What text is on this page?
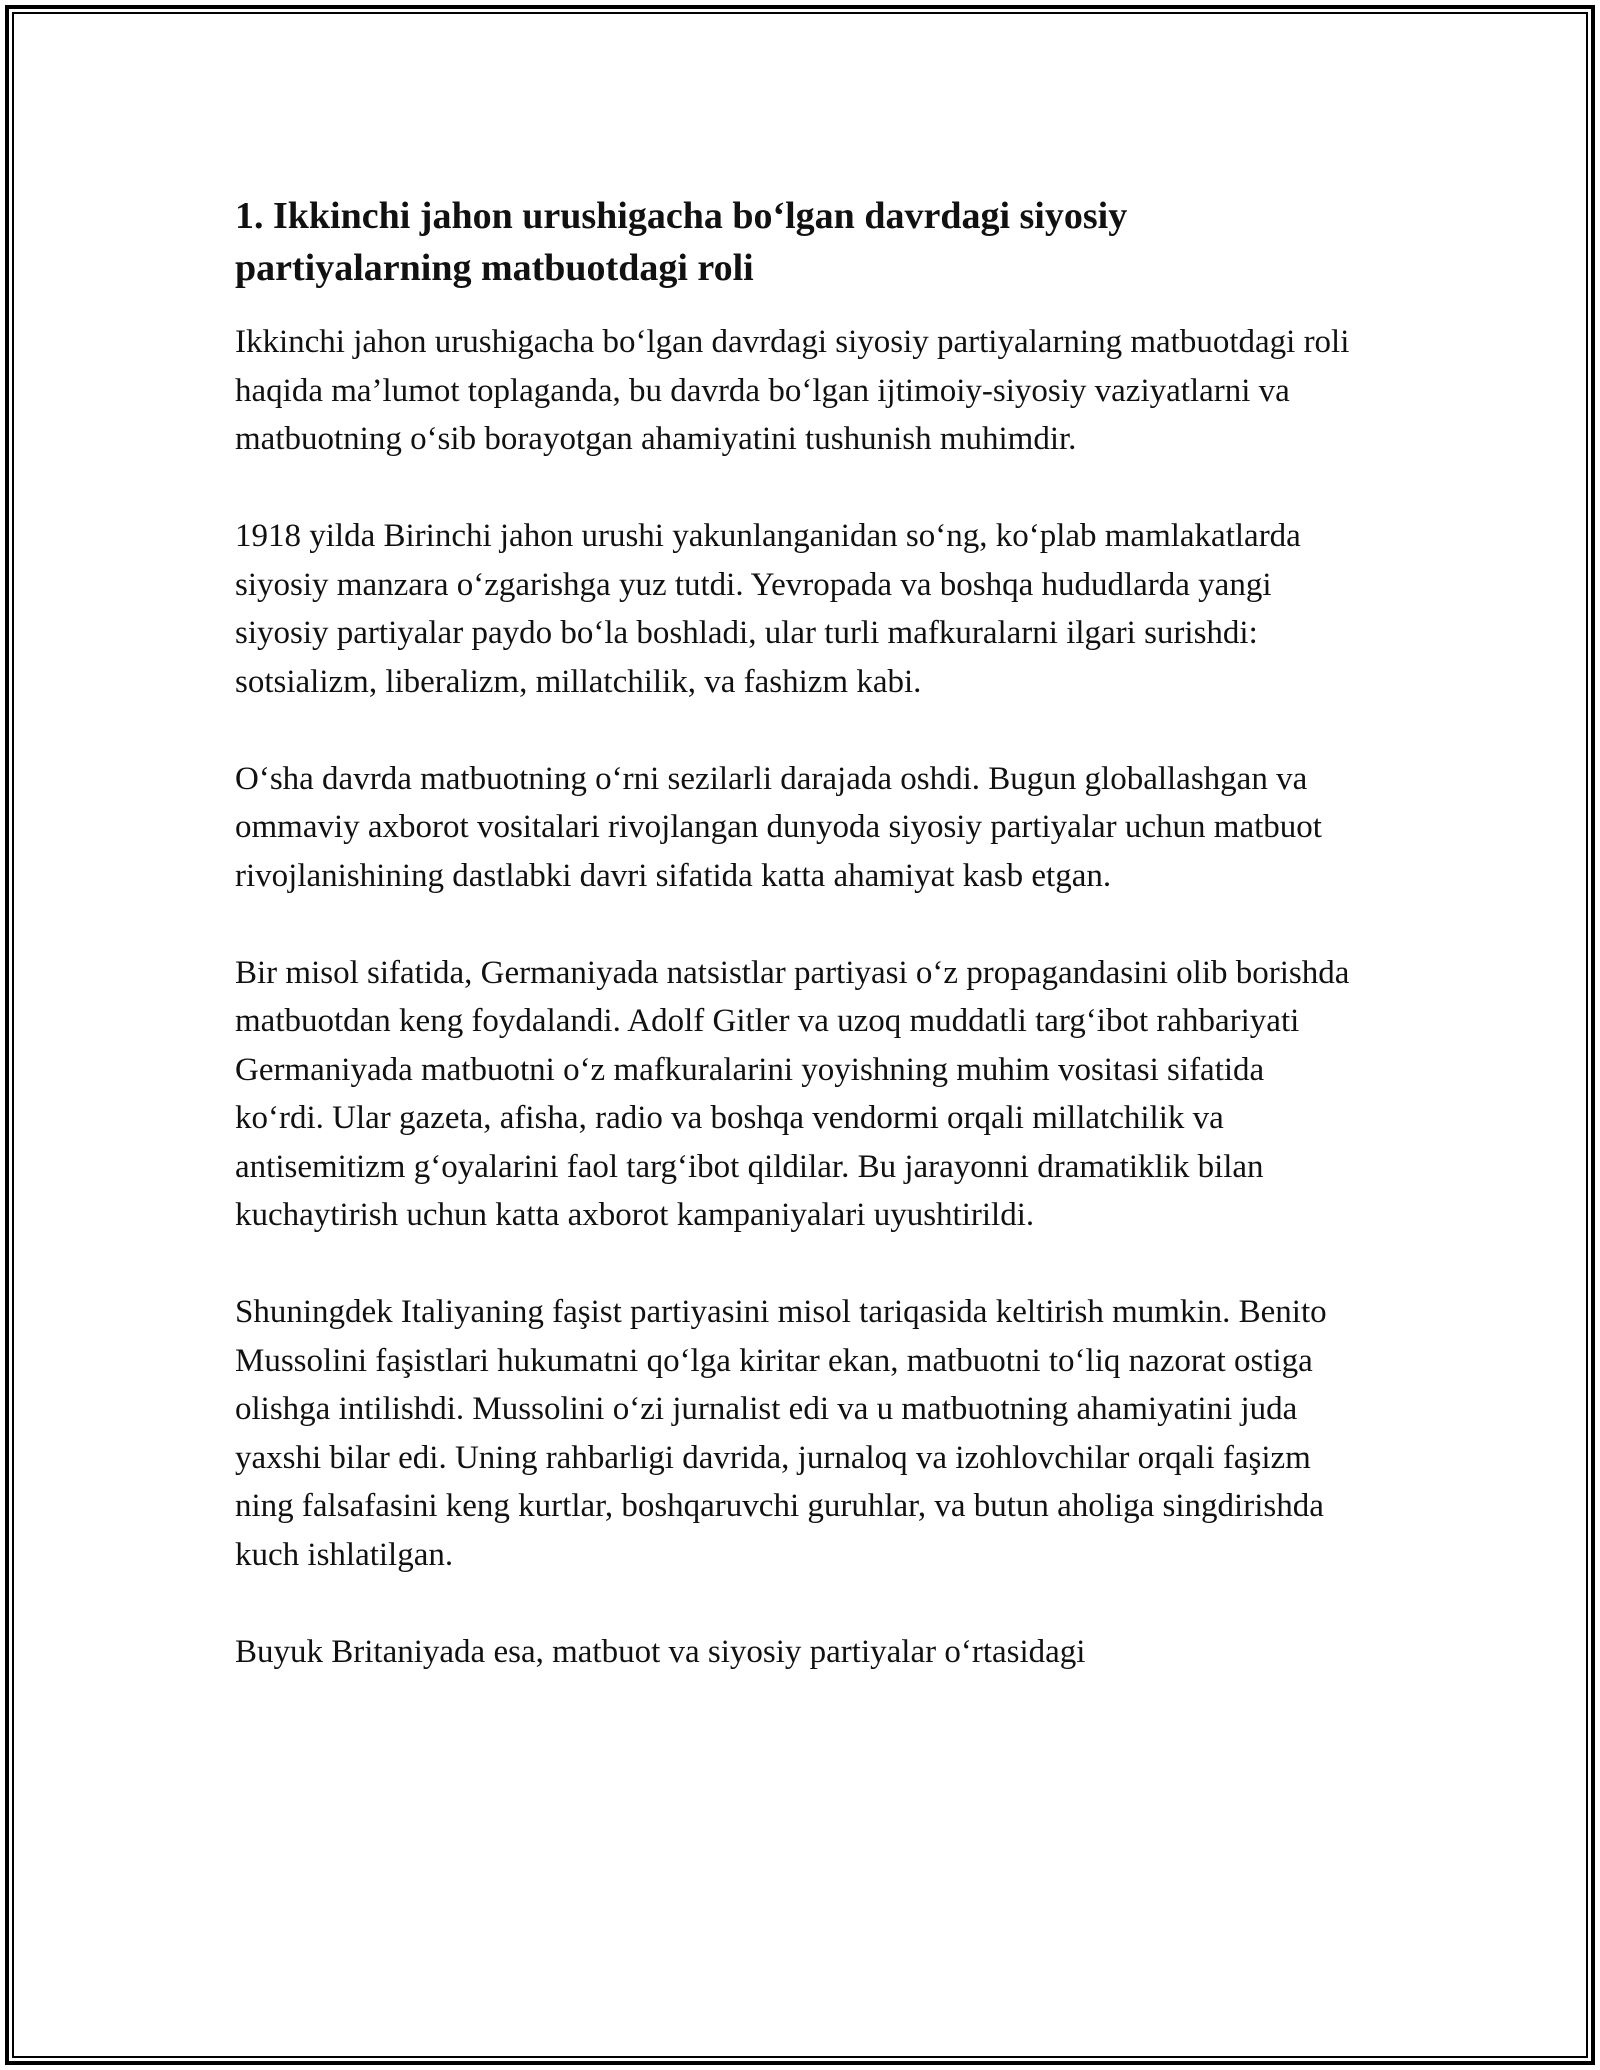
1. Ikkinchi jahon urushigacha bo‘lgan davrdagi siyosiy partiyalarning matbuotdagi roli

Ikkinchi jahon urushigacha bo‘lgan davrdagi siyosiy partiyalarning matbuotdagi roli haqida ma’lumot toplaganda, bu davrda bo‘lgan ijtimoiy-siyosiy vaziyatlarni va matbuotning o‘sib borayotgan ahamiyatini tushunish muhimdir.

1918 yilda Birinchi jahon urushi yakunlanganidan so‘ng, ko‘plab mamlakatlarda siyosiy manzara o‘zgarishga yuz tutdi. Yevropada va boshqa hududlarda yangi siyosiy partiyalar paydo bo‘la boshladi, ular turli mafkuralarni ilgari surishdi: sotsializm, liberalizm, millatchilik, va fashizm kabi.

O‘sha davrda matbuotning o‘rni sezilarli darajada oshdi. Bugun globallashgan va ommaviy axborot vositalari rivojlangan dunyoda siyosiy partiyalar uchun matbuot rivojlanishining dastlabki davri sifatida katta ahamiyat kasb etgan.

Bir misol sifatida, Germaniyada natsistlar partiyasi o‘z propagandasini olib borishda matbuotdan keng foydalandi. Adolf Gitler va uzoq muddatli targ‘ibot rahbariyati Germaniyada matbuotni o‘z mafkuralarini yoyishning muhim vositasi sifatida ko‘rdi. Ular gazeta, afisha, radio va boshqa vendormi orqali millatchilik va antisemitizm g‘oyalarini faol targ‘ibot qildilar. Bu jarayonni dramatiklik bilan kuchaytirish uchun katta axborot kampaniyalari uyushtirildi.

Shuningdek Italiyaning faşist partiyasini misol tariqasida keltirish mumkin. Benito Mussolini faşistlari hukumatni qo‘lga kiritar ekan, matbuotni to‘liq nazorat ostiga olishga intilishdi. Mussolini o‘zi jurnalist edi va u matbuotning ahamiyatini juda yaxshi bilar edi. Uning rahbarligi davrida, jurnaloq va izohlovchilar orqali faşizm ning falsafasini keng kurtlar, boshqaruvchi guruhlar, va butun aholiga singdirishda kuch ishlatilgan.

Buyuk Britaniyada esa, matbuot va siyosiy partiyalar o‘rtasidagi
